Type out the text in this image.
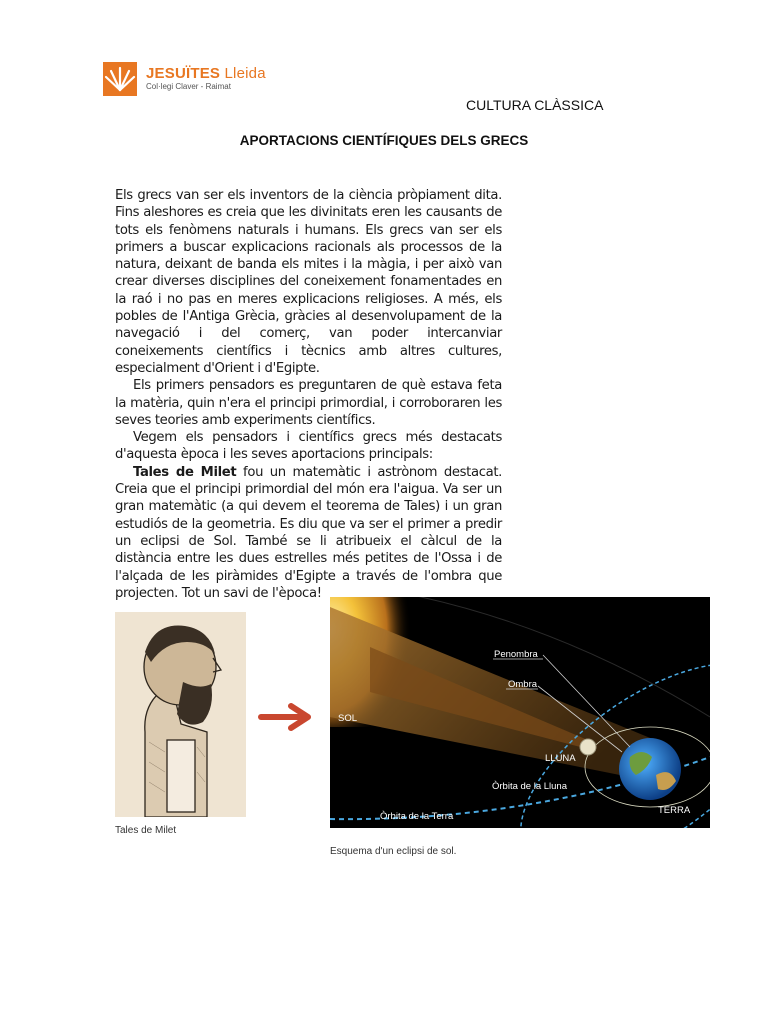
JESUÏTES Lleida
Col·legi Claver - Raimat
CULTURA CLÀSSICA
APORTACIONS CIENTÍFIQUES DELS GRECS

Els grecs van ser els inventors de la ciència pròpiament dita. Fins aleshores es creia que les divinitats eren les causants de tots els fenòmens naturals i humans. Els grecs van ser els primers a buscar explicacions racionals als processos de la natura, deixant de banda els mites i la màgia, i per això van crear diverses disciplines del coneixement fonamentades en la raó i no pas en meres explicacions religioses. A més, els pobles de l'Antiga Grècia, gràcies al desenvolupament de la navegació i del comerç, van poder intercanviar coneixements científics i tècnics amb altres cultures, especialment d'Orient i d'Egipte.

Els primers pensadors es preguntaren de què estava feta la matèria, quin n'era el principi primordial, i corroboraren les seves teories amb experiments científics.

Vegem els pensadors i científics grecs més destacats d'aquesta època i les seves aportacions principals:

Tales de Milet fou un matemàtic i astrònom destacat. Creia que el principi primordial del món era l'aigua. Va ser un gran matemàtic (a qui devem el teorema de Tales) i un gran estudiós de la geometria. Es diu que va ser el primer a predir un eclipsi de Sol. També se li atribueix el càlcul de la distància entre les dues estrelles més petites de l'Ossa i de l'alçada de les piràmides d'Egipte a través de l'ombra que projecten. Tot un savi de l'època!

Tales de Milet
SOL
Penombra
Ombra
LLUNA
Òrbita de la Lluna
Òrbita de la Terra
TERRA
Esquema d'un eclipsi de sol.
